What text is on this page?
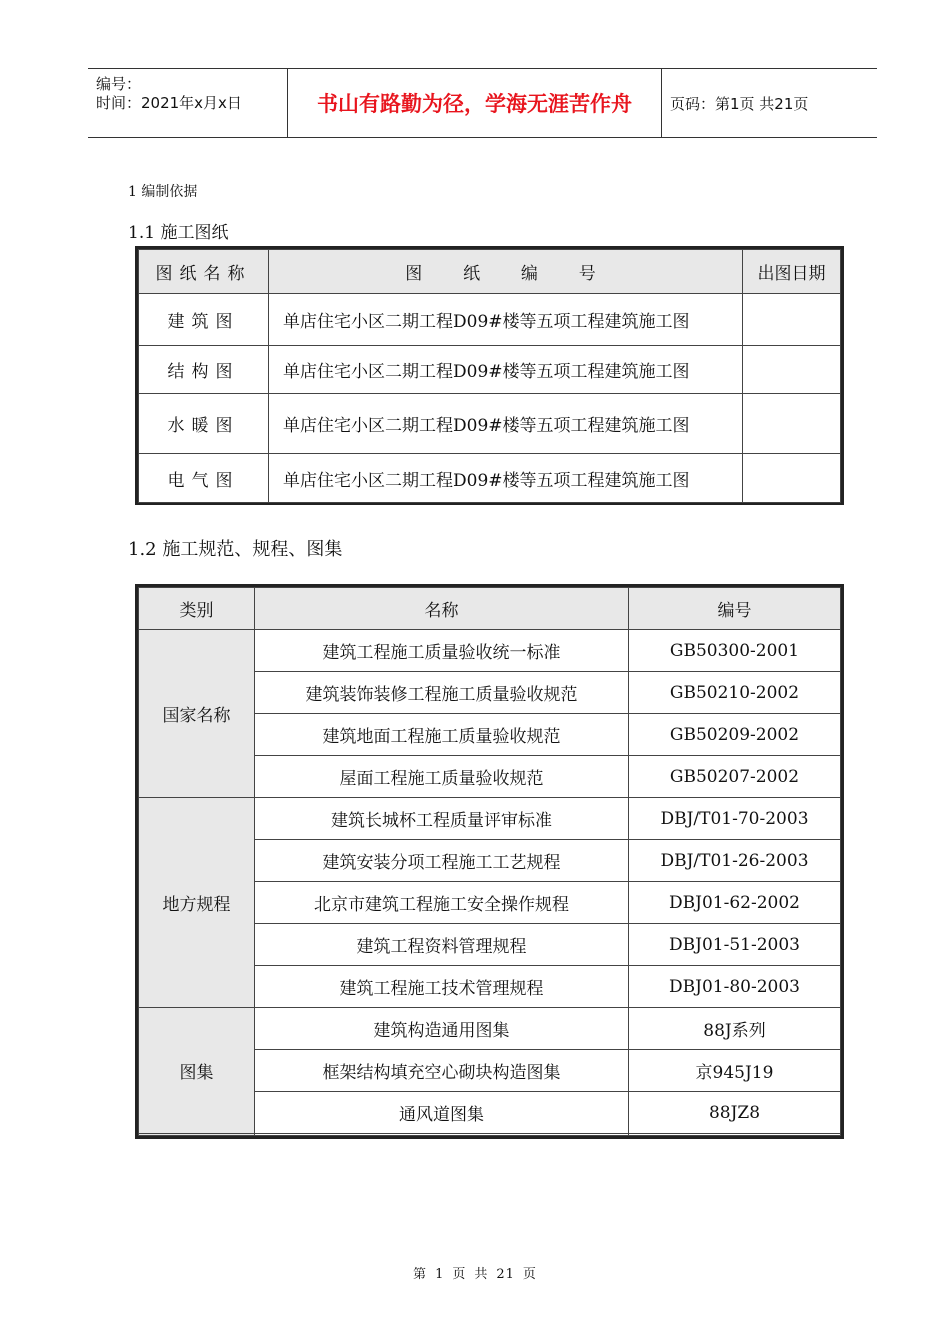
编号：
时间：2021年x月x日	书山有路勤为径，学海无涯苦作舟	页码：第1页 共21页
1 编制依据
1.1 施工图纸
图纸名称	图  纸  编  号	出图日期
建筑图	单店住宅小区二期工程D09#楼等五项工程建筑施工图	
结构图	单店住宅小区二期工程D09#楼等五项工程建筑施工图	
水暖图	单店住宅小区二期工程D09#楼等五项工程建筑施工图	
电气图	单店住宅小区二期工程D09#楼等五项工程建筑施工图	
1.2 施工规范、规程、图集
类别	名称	编号
国家名称	建筑工程施工质量验收统一标准	GB50300-2001
	建筑装饰装修工程施工质量验收规范	GB50210-2002
	建筑地面工程施工质量验收规范	GB50209-2002
	屋面工程施工质量验收规范	GB50207-2002
地方规程	建筑长城杯工程质量评审标准	DBJ/T01-70-2003
	建筑安装分项工程施工工艺规程	DBJ/T01-26-2003
	北京市建筑工程施工安全操作规程	DBJ01-62-2002
	建筑工程资料管理规程	DBJ01-51-2003
	建筑工程施工技术管理规程	DBJ01-80-2003
图集	建筑构造通用图集	88J系列
	框架结构填充空心砌块构造图集	京945J19
	通风道图集	88JZ8

第 1 页 共 21 页
